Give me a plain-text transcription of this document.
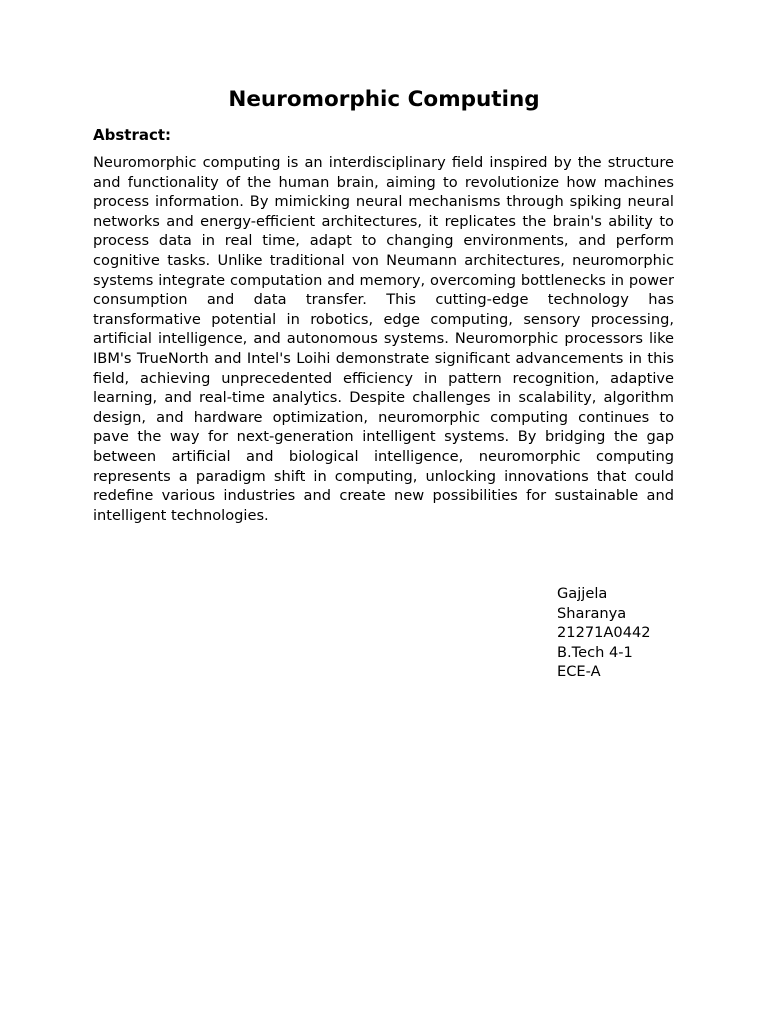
Neuromorphic Computing
Abstract:

Neuromorphic computing is an interdisciplinary field inspired by the structure and functionality of the human brain, aiming to revolutionize how machines process information. By mimicking neural mechanisms through spiking neural networks and energy-efficient architectures, it replicates the brain's ability to process data in real time, adapt to changing environments, and perform cognitive tasks. Unlike traditional von Neumann architectures, neuromorphic systems integrate computation and memory, overcoming bottlenecks in power consumption and data transfer. This cutting-edge technology has transformative potential in robotics, edge computing, sensory processing, artificial intelligence, and autonomous systems. Neuromorphic processors like IBM's TrueNorth and Intel's Loihi demonstrate significant advancements in this field, achieving unprecedented efficiency in pattern recognition, adaptive learning, and real-time analytics. Despite challenges in scalability, algorithm design, and hardware optimization, neuromorphic computing continues to pave the way for next-generation intelligent systems. By bridging the gap between artificial and biological intelligence, neuromorphic computing represents a paradigm shift in computing, unlocking innovations that could redefine various industries and create new possibilities for sustainable and intelligent technologies.

Gajjela
Sharanya
21271A0442
B.Tech 4-1
ECE-A
